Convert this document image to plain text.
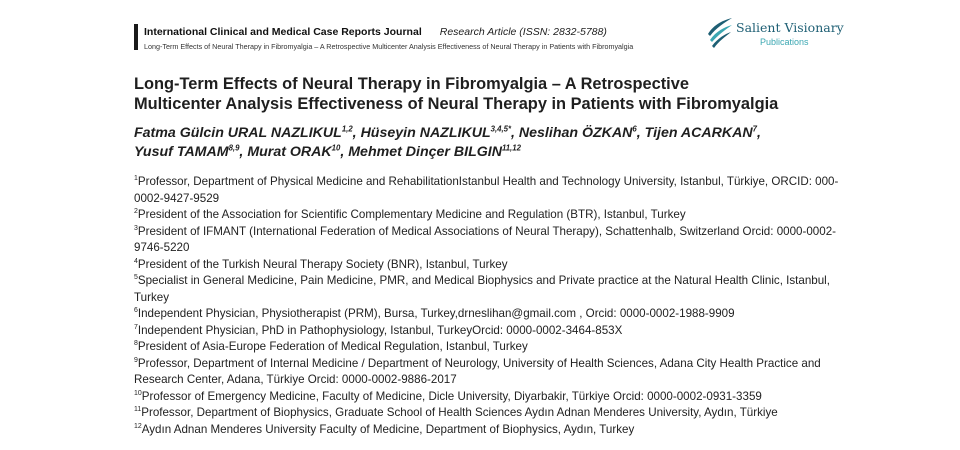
International Clinical and Medical Case Reports Journal Research Article (ISSN: 2832-5788)
Long-Term Effects of Neural Therapy in Fibromyalgia – A Retrospective Multicenter Analysis Effectiveness of Neural Therapy in Patients with Fibromyalgia
Salient Visionary
Publications
Long-Term Effects of Neural Therapy in Fibromyalgia – A Retrospective
Multicenter Analysis Effectiveness of Neural Therapy in Patients with Fibromyalgia
Fatma Gülcin URAL NAZLIKUL$^{1,2}$, Hüseyin $NAZLIKUL^{3,4,5*}$, Neslihan ÖZKAN$^6$, Tijen ACARKAN$^7$,
Yusuf TAMAM$^{8,9}$, Murat ORAK$^{10}$, Mehmet Dinçer BILGIN$^{11,12}$

$^1$Professor, Department of Physical Medicine and RehabilitationIstanbul Health and Technology University, Istanbul, Türkiye, ORCID: 000-0002-9427-9529

$^2$President of the Association for Scientific Complementary Medicine and Regulation (BTR), Istanbul, Turkey

$^3$President of IFMANT (International Federation of Medical Associations of Neural Therapy), Schattenhalb, Switzerland Orcid: 0000-0002-9746-5220

$^4$President of the Turkish Neural Therapy Society (BNR), Istanbul, Turkey

$^5$Specialist in General Medicine, Pain Medicine, PMR, and Medical Biophysics and Private practice at the Natural Health Clinic, Istanbul, Turkey

$^6$Independent Physician, Physiotherapist (PRM), Bursa, Turkey,drneslihan@gmail.com , Orcid: 0000-0002-1988-9909

$^7$Independent Physician, PhD in Pathophysiology, Istanbul, TurkeyOrcid: 0000-0002-3464-853X

$^8$President of Asia-Europe Federation of Medical Regulation, Istanbul, Turkey

$^9$Professor, Department of Internal Medicine / Department of Neurology, University of Health Sciences, Adana City Health Practice and Research Center, Adana, Türkiye Orcid: 0000-0002-9886-2017

$^{10}$Professor of Emergency Medicine, Faculty of Medicine, Dicle University, Diyarbakir, Türkiye Orcid: 0000-0002-0931-3359

$^{11}$Professor, Department of Biophysics, Graduate School of Health Sciences Aydın Adnan Menderes University, Aydın, Türkiye

$^{12}$Aydın Adnan Menderes University Faculty of Medicine, Department of Biophysics, Aydın, Turkey
